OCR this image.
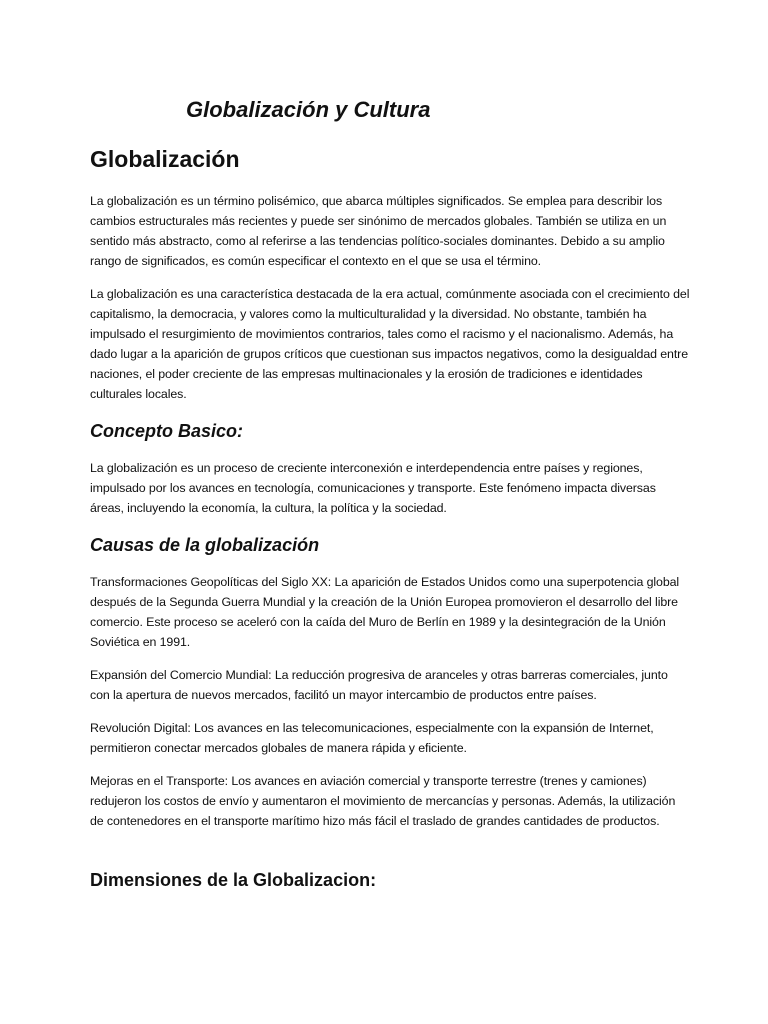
Globalización y Cultura
Globalización

La globalización es un término polisémico, que abarca múltiples significados. Se emplea para describir los cambios estructurales más recientes y puede ser sinónimo de mercados globales. También se utiliza en un sentido más abstracto, como al referirse a las tendencias político-sociales dominantes. Debido a su amplio rango de significados, es común especificar el contexto en el que se usa el término.

La globalización es una característica destacada de la era actual, comúnmente asociada con el crecimiento del capitalismo, la democracia, y valores como la multiculturalidad y la diversidad. No obstante, también ha impulsado el resurgimiento de movimientos contrarios, tales como el racismo y el nacionalismo. Además, ha dado lugar a la aparición de grupos críticos que cuestionan sus impactos negativos, como la desigualdad entre naciones, el poder creciente de las empresas multinacionales y la erosión de tradiciones e identidades culturales locales.

Concepto Basico:

La globalización es un proceso de creciente interconexión e interdependencia entre países y regiones, impulsado por los avances en tecnología, comunicaciones y transporte. Este fenómeno impacta diversas áreas, incluyendo la economía, la cultura, la política y la sociedad.

Causas de la globalización

Transformaciones Geopolíticas del Siglo XX: La aparición de Estados Unidos como una superpotencia global después de la Segunda Guerra Mundial y la creación de la Unión Europea promovieron el desarrollo del libre comercio. Este proceso se aceleró con la caída del Muro de Berlín en 1989 y la desintegración de la Unión Soviética en 1991.

Expansión del Comercio Mundial: La reducción progresiva de aranceles y otras barreras comerciales, junto con la apertura de nuevos mercados, facilitó un mayor intercambio de productos entre países.

Revolución Digital: Los avances en las telecomunicaciones, especialmente con la expansión de Internet, permitieron conectar mercados globales de manera rápida y eficiente.

Mejoras en el Transporte: Los avances en aviación comercial y transporte terrestre (trenes y camiones) redujeron los costos de envío y aumentaron el movimiento de mercancías y personas. Además, la utilización de contenedores en el transporte marítimo hizo más fácil el traslado de grandes cantidades de productos.

Dimensiones de la Globalizacion:
